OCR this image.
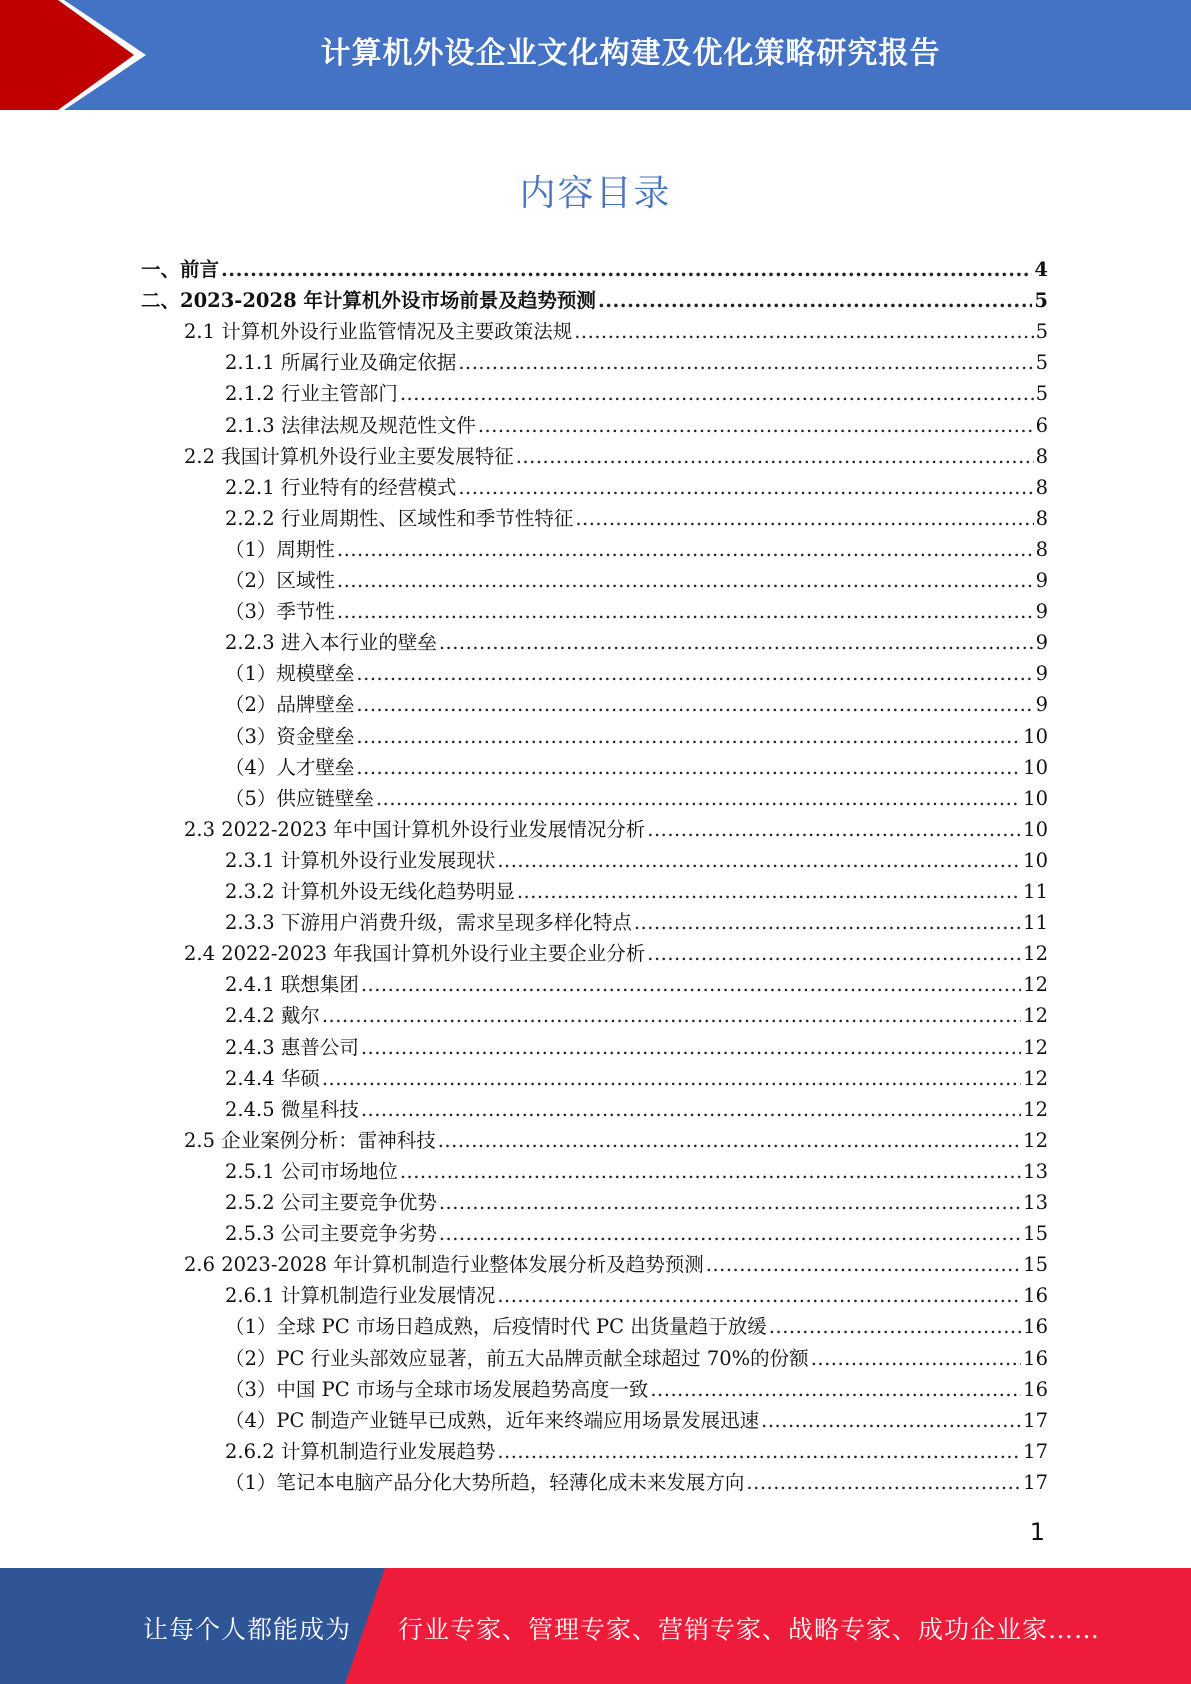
计算机外设企业文化构建及优化策略研究报告
内容目录
一、前言 .....	4
二、2023-2028 年计算机外设市场前景及趋势预测 .....	5
2.1 计算机外设行业监管情况及主要政策法规 .....	5
2.1.1 所属行业及确定依据 .....	5
2.1.2 行业主管部门 .....	5
2.1.3 法律法规及规范性文件 .....	6
2.2 我国计算机外设行业主要发展特征 .....	8
2.2.1 行业特有的经营模式 .....	8
2.2.2 行业周期性、区域性和季节性特征 .....	8
（1）周期性 .....	8
（2）区域性 .....	9
（3）季节性 .....	9
2.2.3 进入本行业的壁垒 .....	9
（1）规模壁垒 .....	9
（2）品牌壁垒 .....	9
（3）资金壁垒 .....	10
（4）人才壁垒 .....	10
（5）供应链壁垒 .....	10
2.3 2022-2023 年中国计算机外设行业发展情况分析 .....	10
2.3.1 计算机外设行业发展现状 .....	10
2.3.2 计算机外设无线化趋势明显 .....	11
2.3.3 下游用户消费升级，需求呈现多样化特点 .....	11
2.4 2022-2023 年我国计算机外设行业主要企业分析 .....	12
2.4.1 联想集团 .....	12
2.4.2 戴尔 .....	12
2.4.3 惠普公司 .....	12
2.4.4 华硕 .....	12
2.4.5 微星科技 .....	12
2.5 企业案例分析：雷神科技 .....	12
2.5.1 公司市场地位 .....	13
2.5.2 公司主要竞争优势 .....	13
2.5.3 公司主要竞争劣势 .....	15
2.6 2023-2028 年计算机制造行业整体发展分析及趋势预测 .....	15
2.6.1 计算机制造行业发展情况 .....	16
（1）全球 PC 市场日趋成熟，后疫情时代 PC 出货量趋于放缓 .....	16
（2）PC 行业头部效应显著，前五大品牌贡献全球超过 70%的份额 .....	16
（3）中国 PC 市场与全球市场发展趋势高度一致 .....	16
（4）PC 制造产业链早已成熟，近年来终端应用场景发展迅速 .....	17
2.6.2 计算机制造行业发展趋势 .....	17
（1）笔记本电脑产品分化大势所趋，轻薄化成未来发展方向 .....	17
1
让每个人都能成为 行业专家、管理专家、营销专家、战略专家、成功企业家……
